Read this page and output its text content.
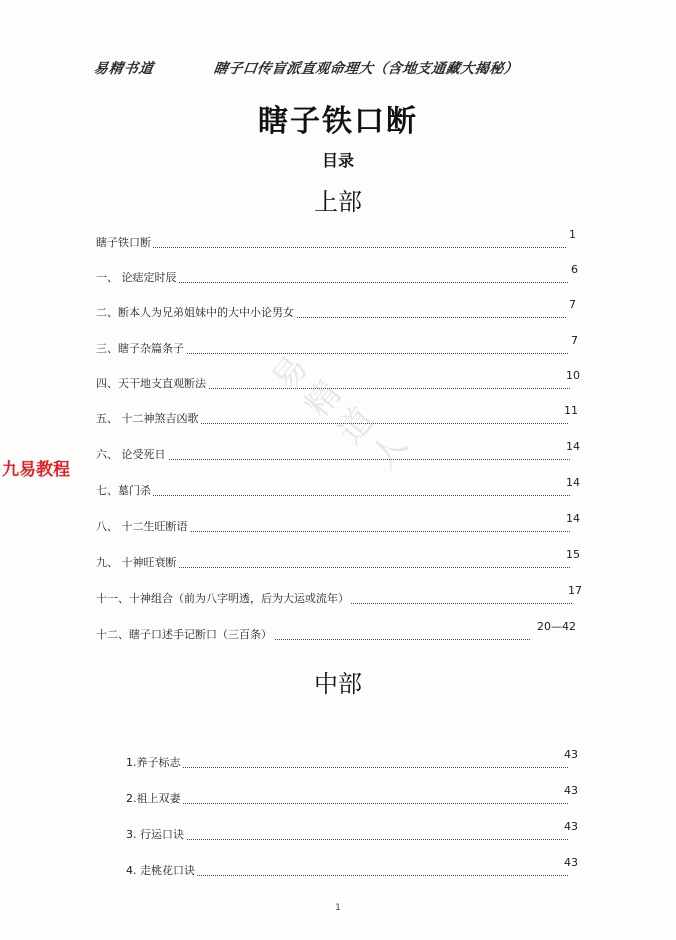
易精书道	瞎子口传盲派直观命理大（含地支通藏大揭秘）
瞎子铁口断
目录
上部
瞎子铁口断
1
一、 论痣定时辰
6
二、断本人为兄弟姐妹中的大中小论男女
7
三、瞎子杂篇条子
7
四、天干地支直观断法
10
五、 十二神煞吉凶歌
11
六、 论受死日
14
七、墓门杀
14
八、 十二生旺断语
14
九、 十神旺衰断
15
十一、十神组合（前为八字明透，后为大运或流年）
17
十二、瞎子口述手记断口（三百条）
20—42
中部
1.养子标志
43
2.祖上双妻
43
3. 行运口诀
43
4. 走桃花口诀
43
易精道人
九易教程
1
